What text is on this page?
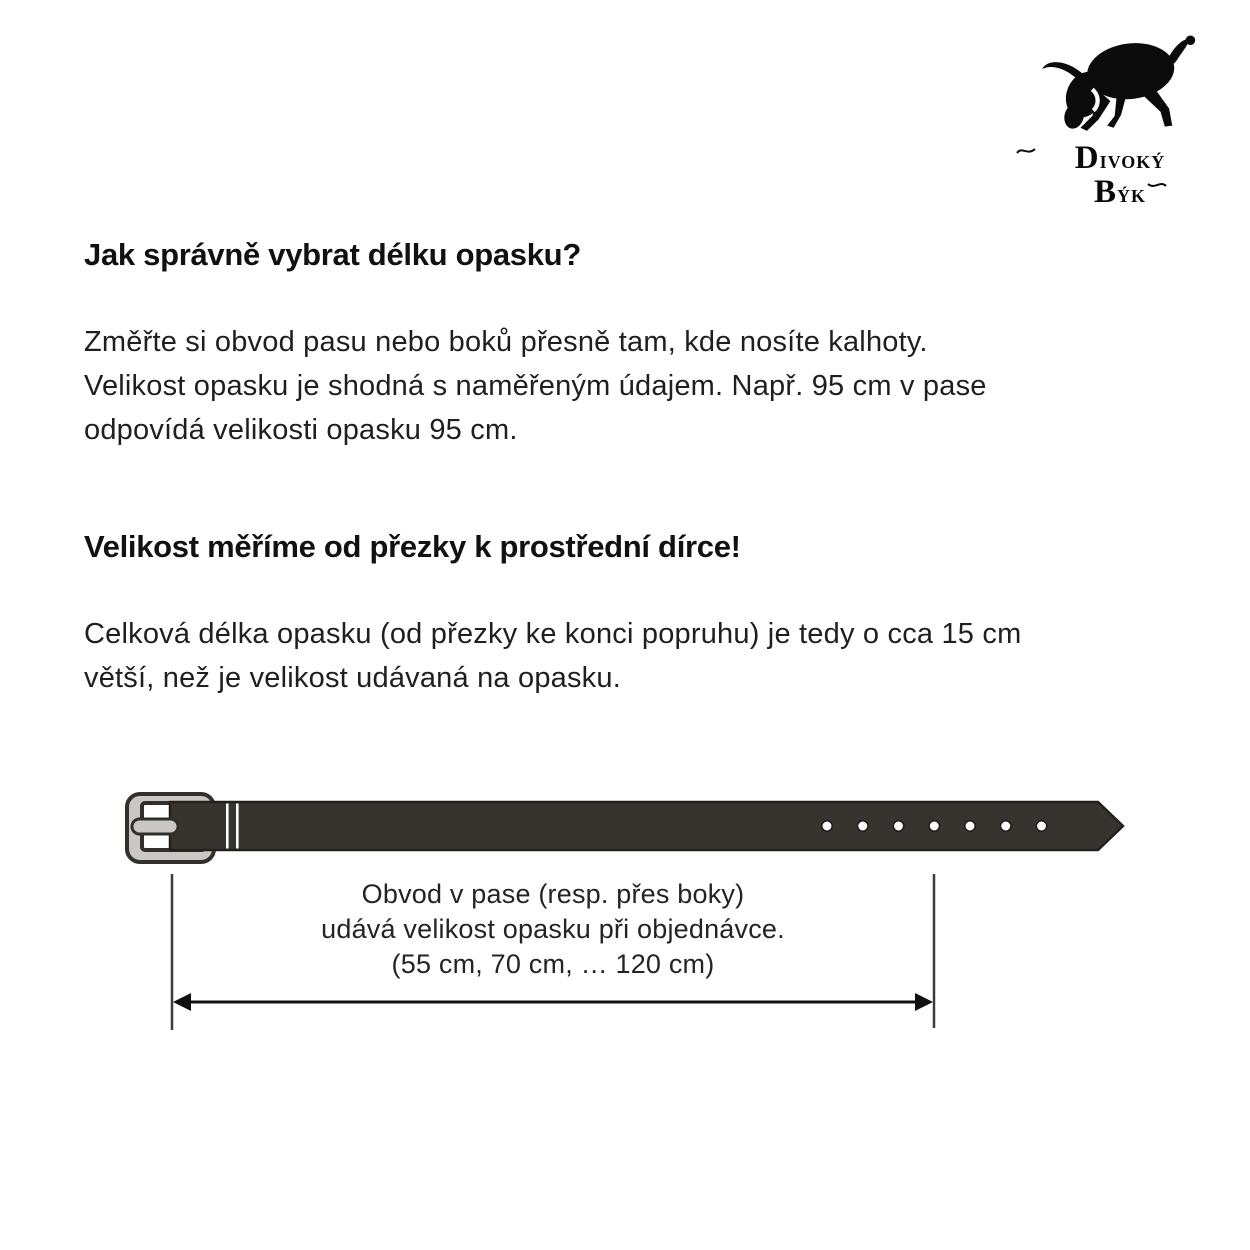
Divoký
Býk
Jak správně vybrat délku opasku?
Změřte si obvod pasu nebo boků přesně tam, kde nosíte kalhoty.
Velikost opasku je shodná s naměřeným údajem. Např. 95 cm v pase
odpovídá velikosti opasku 95 cm.
Velikost měříme od přezky k prostřední dírce!
Celková délka opasku (od přezky ke konci popruhu) je tedy o cca 15 cm
větší, než je velikost udávaná na opasku.
Obvod v pase (resp. přes boky)
udává velikost opasku při objednávce.
(55 cm, 70 cm, … 120 cm)
